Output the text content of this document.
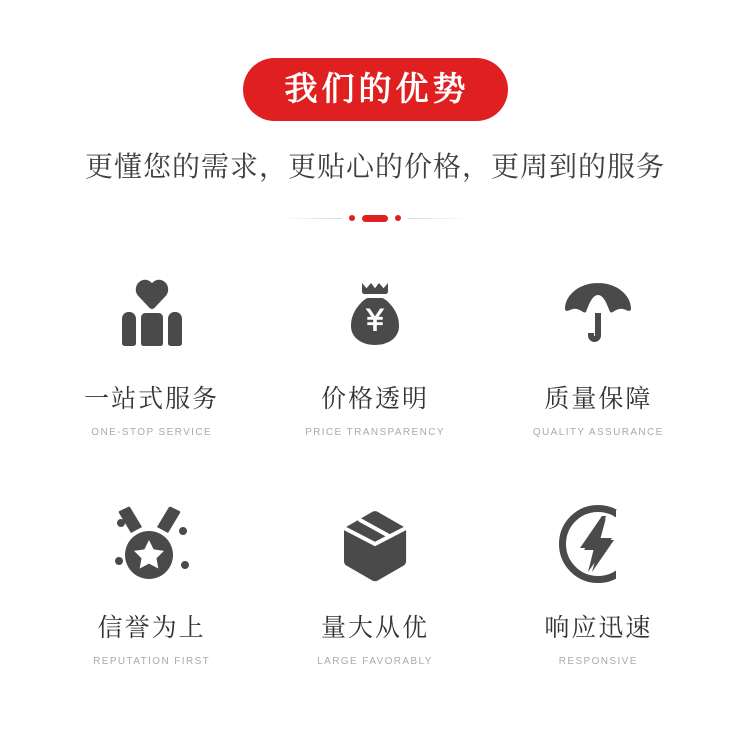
我们的优势
更懂您的需求，更贴心的价格，更周到的服务
一站式服务
ONE-STOP SERVICE
价格透明
PRICE TRANSPARENCY
质量保障
QUALITY ASSURANCE
信誉为上
REPUTATION FIRST
量大从优
LARGE FAVORABLY
响应迅速
RESPONSIVE
